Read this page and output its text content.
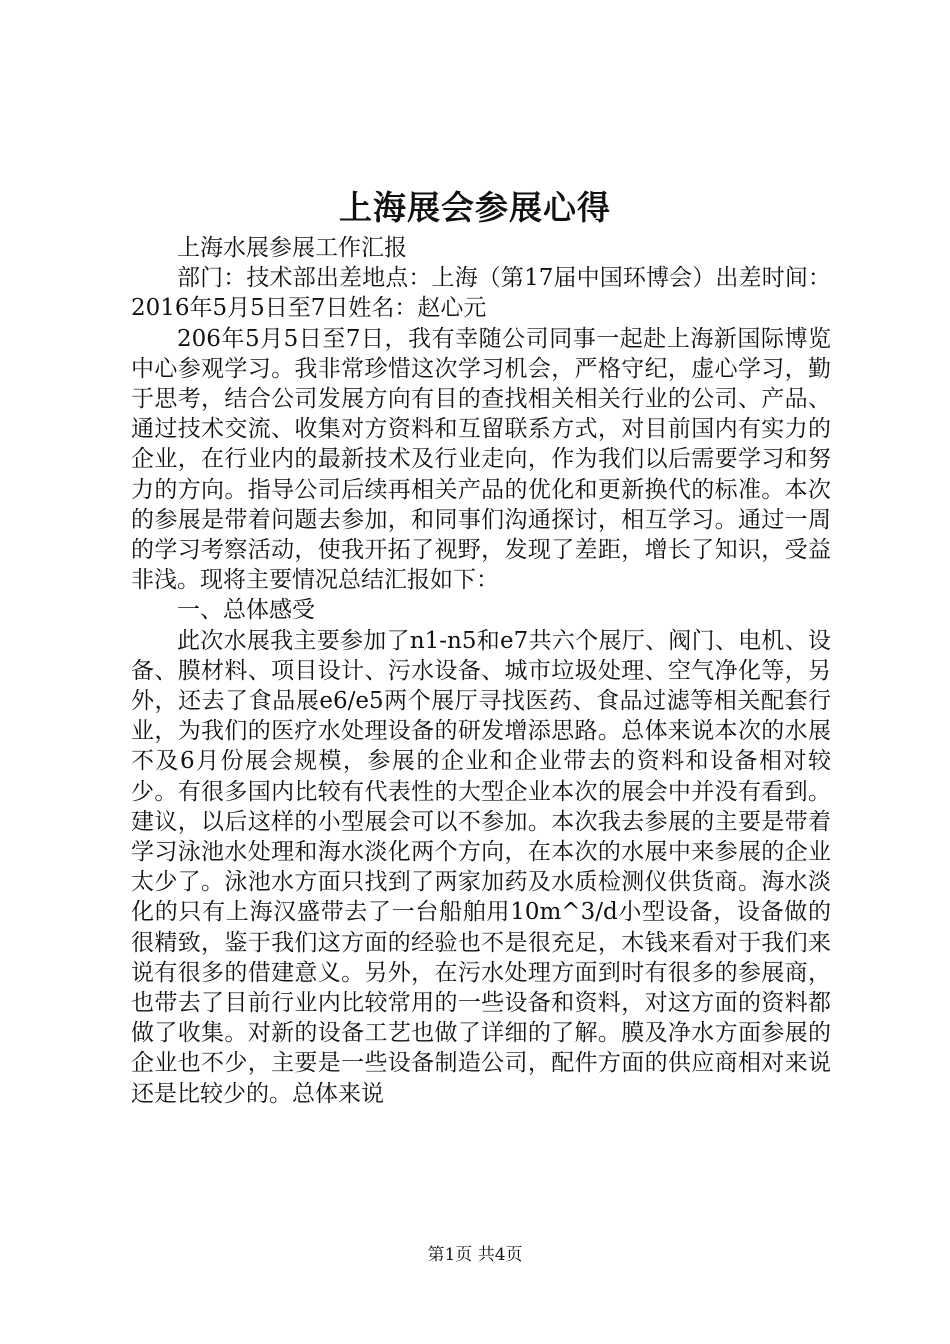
上海展会参展心得

上海水展参展工作汇报

部门：技术部出差地点：上海（第17届中国环博会）出差时间：2016年5月5日至7日姓名：赵心元

206年5月5日至7日，我有幸随公司同事一起赴上海新国际博览中心参观学习。我非常珍惜这次学习机会，严格守纪，虚心学习，勤于思考，结合公司发展方向有目的查找相关相关行业的公司、产品、通过技术交流、收集对方资料和互留联系方式，对目前国内有实力的企业，在行业内的最新技术及行业走向，作为我们以后需要学习和努力的方向。指导公司后续再相关产品的优化和更新换代的标准。本次的参展是带着问题去参加，和同事们沟通探讨，相互学习。通过一周的学习考察活动，使我开拓了视野，发现了差距，增长了知识，受益非浅。现将主要情况总结汇报如下：

一、总体感受

此次水展我主要参加了n1-n5和e7共六个展厅、阀门、电机、设备、膜材料、项目设计、污水设备、城市垃圾处理、空气净化等，另外，还去了食品展e6/e5两个展厅寻找医药、食品过滤等相关配套行业，为我们的医疗水处理设备的研发增添思路。总体来说本次的水展不及6月份展会规模，参展的企业和企业带去的资料和设备相对较少。有很多国内比较有代表性的大型企业本次的展会中并没有看到。建议，以后这样的小型展会可以不参加。本次我去参展的主要是带着学习泳池水处理和海水淡化两个方向，在本次的水展中来参展的企业太少了。泳池水方面只找到了两家加药及水质检测仪供货商。海水淡化的只有上海汉盛带去了一台船舶用10m^3/d小型设备，设备做的很精致，鉴于我们这方面的经验也不是很充足，木钱来看对于我们来说有很多的借建意义。另外，在污水处理方面到时有很多的参展商，也带去了目前行业内比较常用的一些设备和资料，对这方面的资料都做了收集。对新的设备工艺也做了详细的了解。膜及净水方面参展的企业也不少，主要是一些设备制造公司，配件方面的供应商相对来说还是比较少的。总体来说

第1页 共4页
